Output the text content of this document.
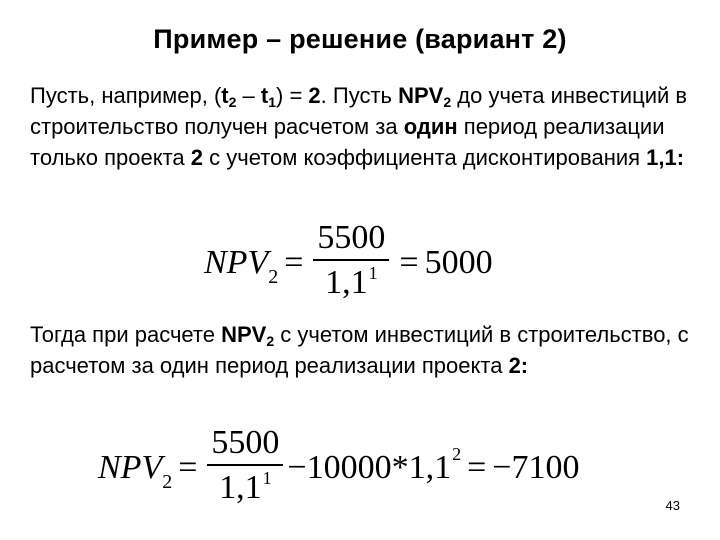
Пример – решение (вариант 2)
Пусть, например, $(t_2 - t_1) = 2$. Пусть $NPV_2$ до учета инвестиций в строительство получен расчетом за один период реализации только проекта 2 с учетом коэффициента дисконтирования 1,1:
NPV $2 = \frac{5500}{1,1^1} = 5000$
Тогда при расчете $NPV_2$ с учетом инвестиций в строительство, с расчетом за один период реализации проекта 2:
NPV $2 = \frac{5500}{1,1^1} -10000 * 1,1$ 2 = −7100
43
